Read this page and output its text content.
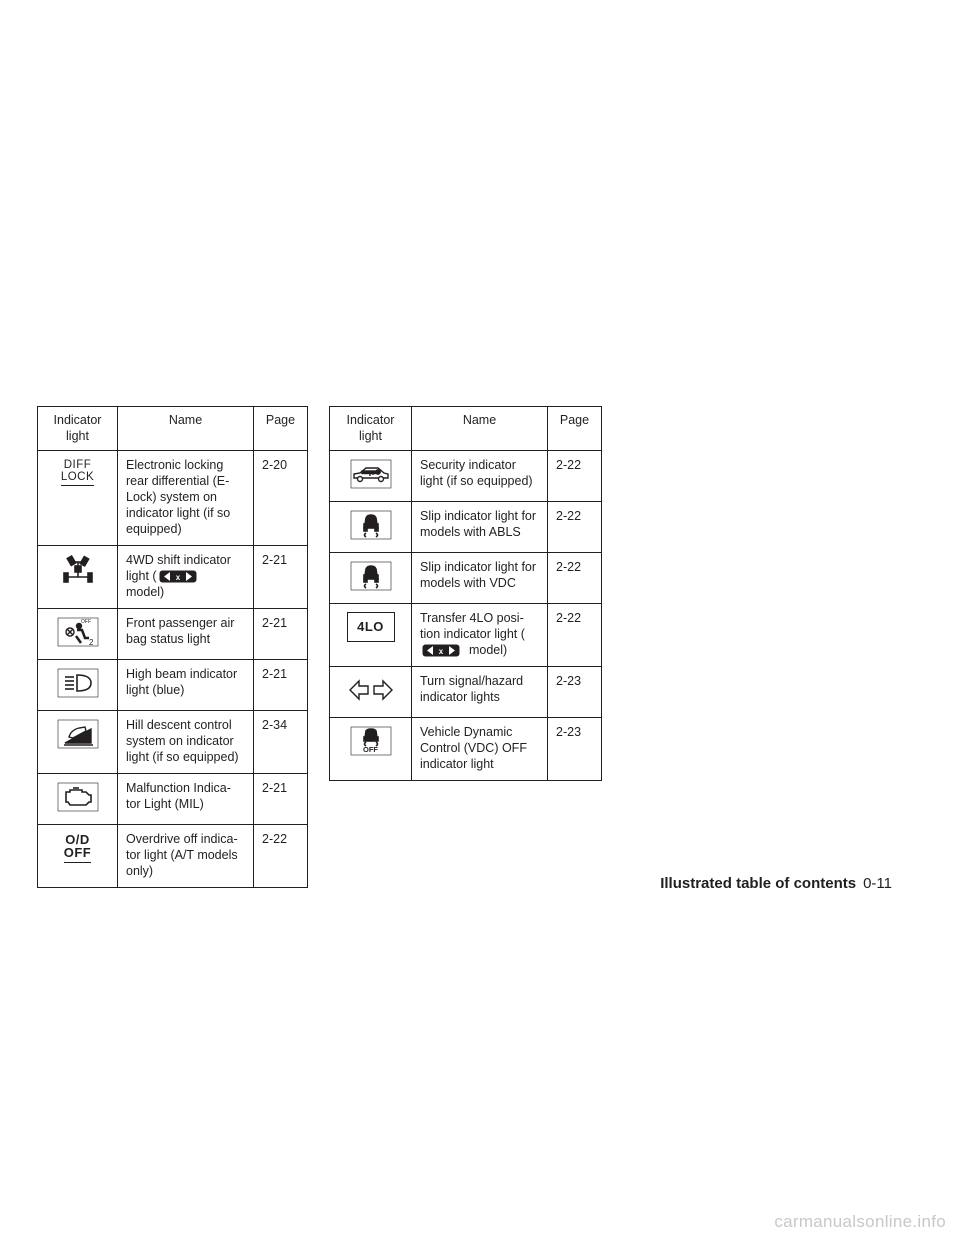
Indicator light	Name	Page
DIFF
LOCK	Electronic locking rear differential (E-Lock) system on indicator light (if so equipped)	2-20

	4WD shift indicator light ( x

model)	2-21

2
OFF	Front passenger air bag status light	2-21

	High beam indicator light (blue)	2-21

	Hill descent control system on indicator light (if so equipped)	2-34

	Malfunction Indica- tor Light (MIL)	2-21
O/D
OFF	Overdrive off indica- tor light (A/T models only)	2-22
Indicator light	Name	Page

	Security indicator light (if so equipped)	2-22

	Slip indicator light for models with ABLS	2-22

	Slip indicator light for models with VDC	2-22
4LO	Transfer 4LO posi- tion indicator light (
x model)	2-22

	Turn signal/hazard indicator lights	2-23

OFF	Vehicle Dynamic Control (VDC) OFF indicator light	2-23
Illustrated table of contents 0-11
carmanualsonline.info
